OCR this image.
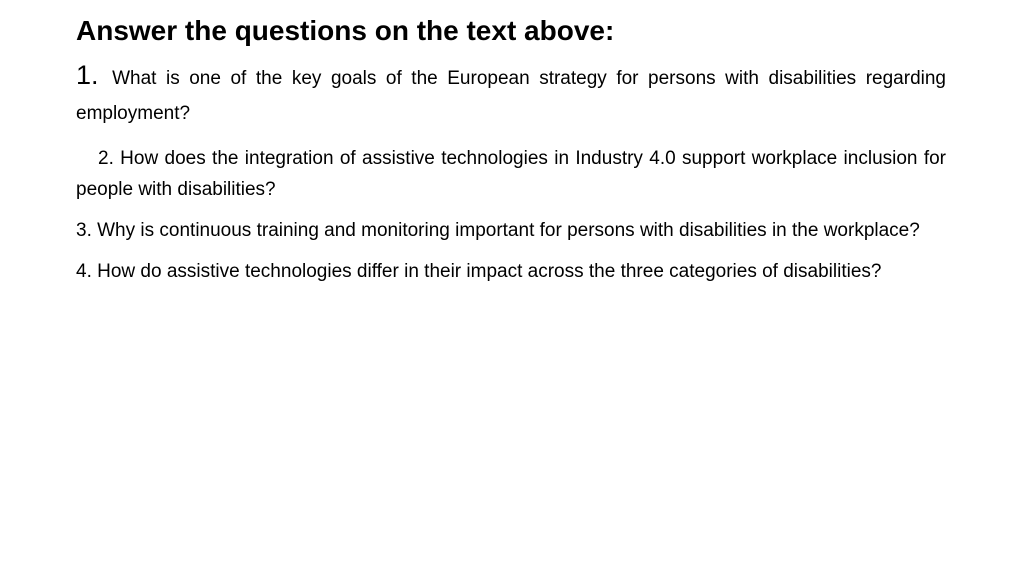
Answer the questions on the text above:

1. What is one of the key goals of the European strategy for persons with disabilities regarding employment?

2. How does the integration of assistive technologies in Industry 4.0 support workplace inclusion for people with disabilities?

3. Why is continuous training and monitoring important for persons with disabilities in the workplace?

4. How do assistive technologies differ in their impact across the three categories of disabilities?
